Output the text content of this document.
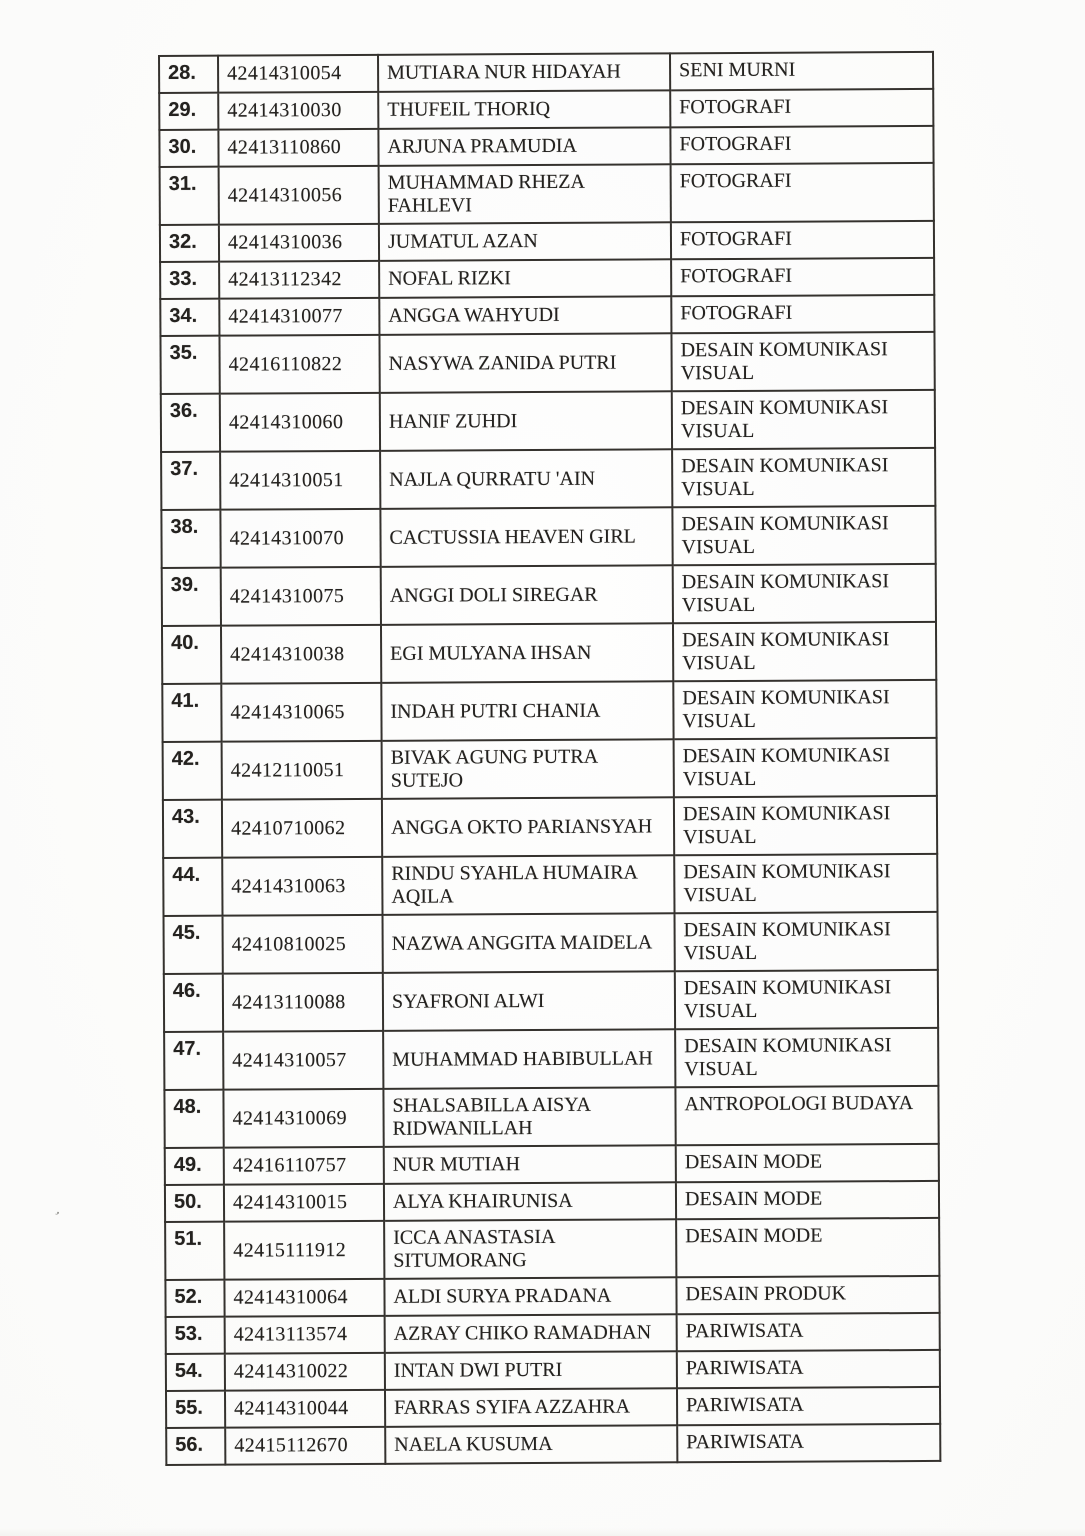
,
28.	42414310054	MUTIARA NUR HIDAYAH	SENI MURNI
29.	42414310030	THUFEIL THORIQ	FOTOGRAFI
30.	42413110860	ARJUNA PRAMUDIA	FOTOGRAFI
31.	42414310056	MUHAMMAD RHEZA FAHLEVI	FOTOGRAFI
32.	42414310036	JUMATUL AZAN	FOTOGRAFI
33.	42413112342	NOFAL RIZKI	FOTOGRAFI
34.	42414310077	ANGGA WAHYUDI	FOTOGRAFI
35.	42416110822	NASYWA ZANIDA PUTRI	DESAIN KOMUNIKASI VISUAL
36.	42414310060	HANIF ZUHDI	DESAIN KOMUNIKASI VISUAL
37.	42414310051	NAJLA QURRATU 'AIN	DESAIN KOMUNIKASI VISUAL
38.	42414310070	CACTUSSIA HEAVEN GIRL	DESAIN KOMUNIKASI VISUAL
39.	42414310075	ANGGI DOLI SIREGAR	DESAIN KOMUNIKASI VISUAL
40.	42414310038	EGI MULYANA IHSAN	DESAIN KOMUNIKASI VISUAL
41.	42414310065	INDAH PUTRI CHANIA	DESAIN KOMUNIKASI VISUAL
42.	42412110051	BIVAK AGUNG PUTRA SUTEJO	DESAIN KOMUNIKASI VISUAL
43.	42410710062	ANGGA OKTO PARIANSYAH	DESAIN KOMUNIKASI VISUAL
44.	42414310063	RINDU SYAHLA HUMAIRA AQILA	DESAIN KOMUNIKASI VISUAL
45.	42410810025	NAZWA ANGGITA MAIDELA	DESAIN KOMUNIKASI VISUAL
46.	42413110088	SYAFRONI ALWI	DESAIN KOMUNIKASI VISUAL
47.	42414310057	MUHAMMAD HABIBULLAH	DESAIN KOMUNIKASI VISUAL
48.	42414310069	SHALSABILLA AISYA RIDWANILLAH	ANTROPOLOGI BUDAYA
49.	42416110757	NUR MUTIAH	DESAIN MODE
50.	42414310015	ALYA KHAIRUNISA	DESAIN MODE
51.	42415111912	ICCA ANASTASIA SITUMORANG	DESAIN MODE
52.	42414310064	ALDI SURYA PRADANA	DESAIN PRODUK
53.	42413113574	AZRAY CHIKO RAMADHAN	PARIWISATA
54.	42414310022	INTAN DWI PUTRI	PARIWISATA
55.	42414310044	FARRAS SYIFA AZZAHRA	PARIWISATA
56.	42415112670	NAELA KUSUMA	PARIWISATA
